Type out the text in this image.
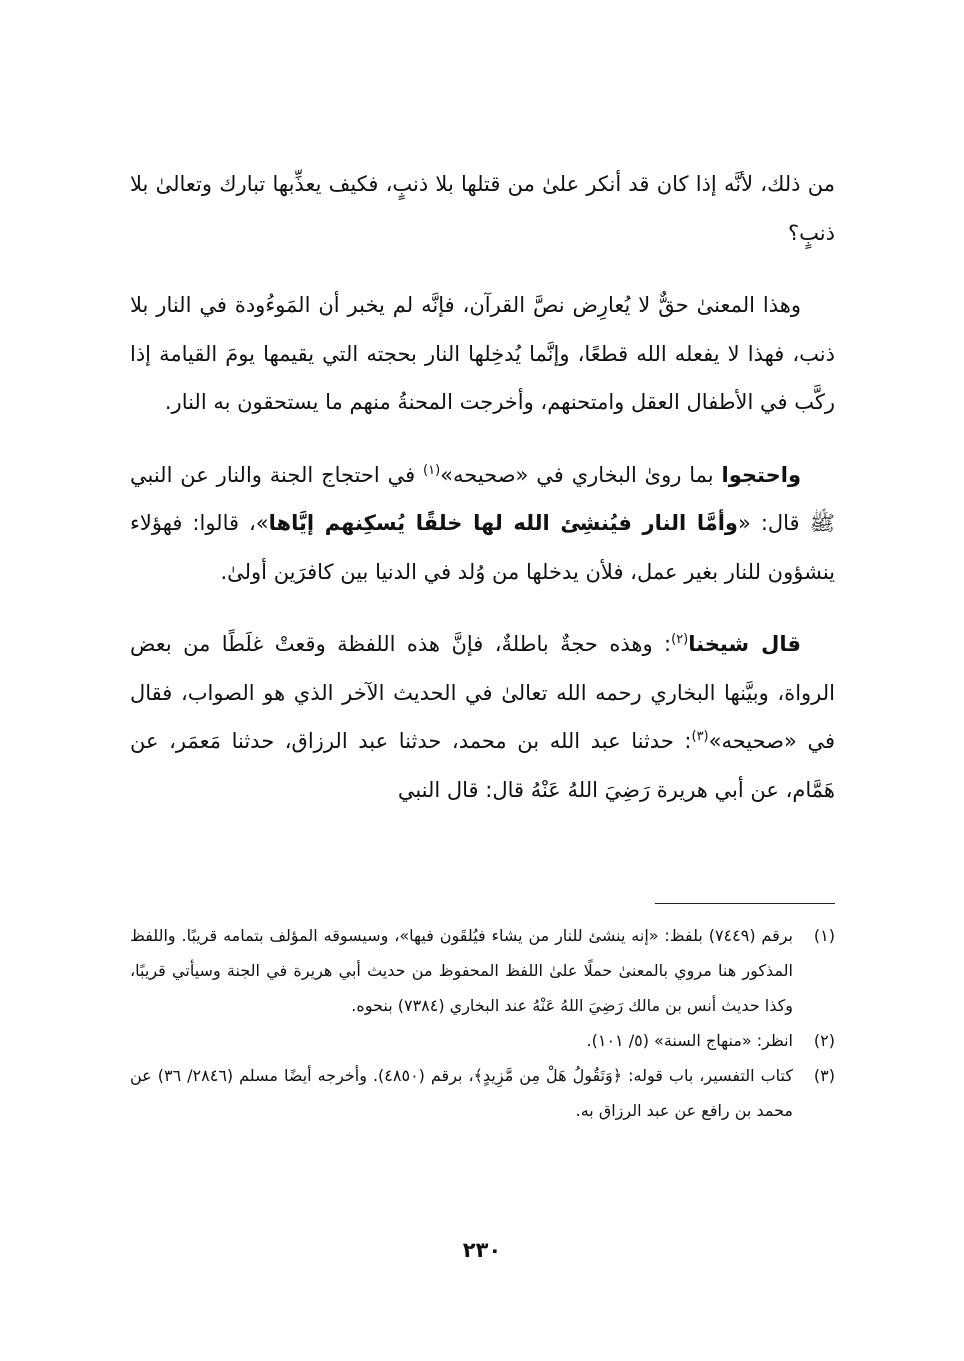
من ذلك، لأنَّه إذا كان قد أنكر علىٰ من قتلها بلا ذنبٍ، فكيف يعذِّبها تبارك وتعالىٰ بلا ذنبٍ؟

وهذا المعنىٰ حقٌّ لا يُعارِض نصَّ القرآن، فإنَّه لم يخبر أن المَوءُودة في النار بلا ذنب، فهذا لا يفعله الله قطعًا، وإنَّما يُدخِلها النار بحجته التي يقيمها يومَ القيامة إذا ركَّب في الأطفال العقل وامتحنهم، وأخرجت المحنةُ منهم ما يستحقون به النار.

واحتجوا بما روىٰ البخاري في «صحيحه»$^{(١)}$ في احتجاج الجنة والنار عن النبي ﷺ قال: «وأمَّا النار فيُنشِئ الله لها خلقًا يُسكِنهم إيَّاها»، قالوا: فهؤلاء ينشؤون للنار بغير عمل، فلأن يدخلها من وُلد في الدنيا بين كافرَين أولىٰ.

قال شيخنا$^{(٢)}$: وهذه حجةٌ باطلةٌ، فإنَّ هذه اللفظة وقعتْ غلَطًا من بعض الرواة، وبيَّنها البخاري رحمه الله تعالىٰ في الحديث الآخر الذي هو الصواب، فقال في «صحيحه»$^{(٣)}$: حدثنا عبد الله بن محمد، حدثنا عبد الرزاق، حدثنا مَعمَر، عن هَمَّام، عن أبي هريرة رَضِيَ اللهُ عَنْهُ قال: قال النبي

(١)
برقم (٧٤٤٩) بلفظ: «إنه ينشئ للنار من يشاء فيُلقَون فيها»، وسيسوقه المؤلف بتمامه قريبًا. واللفظ المذكور هنا مروي بالمعنىٰ حملًا علىٰ اللفظ المحفوظ من حديث أبي هريرة في الجنة وسيأتي قريبًا، وكذا حديث أنس بن مالك رَضِيَ اللهُ عَنْهُ عند البخاري (٧٣٨٤) بنحوه.
(٢)
انظر: «منهاج السنة» (٥/ ١٠١).
(٣)
كتاب التفسير، باب قوله: ﴿وَتَقُولُ هَلْ مِن مَّزِيدٍ﴾، برقم (٤٨٥٠). وأخرجه أيضًا مسلم (٢٨٤٦/ ٣٦) عن محمد بن رافع عن عبد الرزاق به.
٢٣٠
